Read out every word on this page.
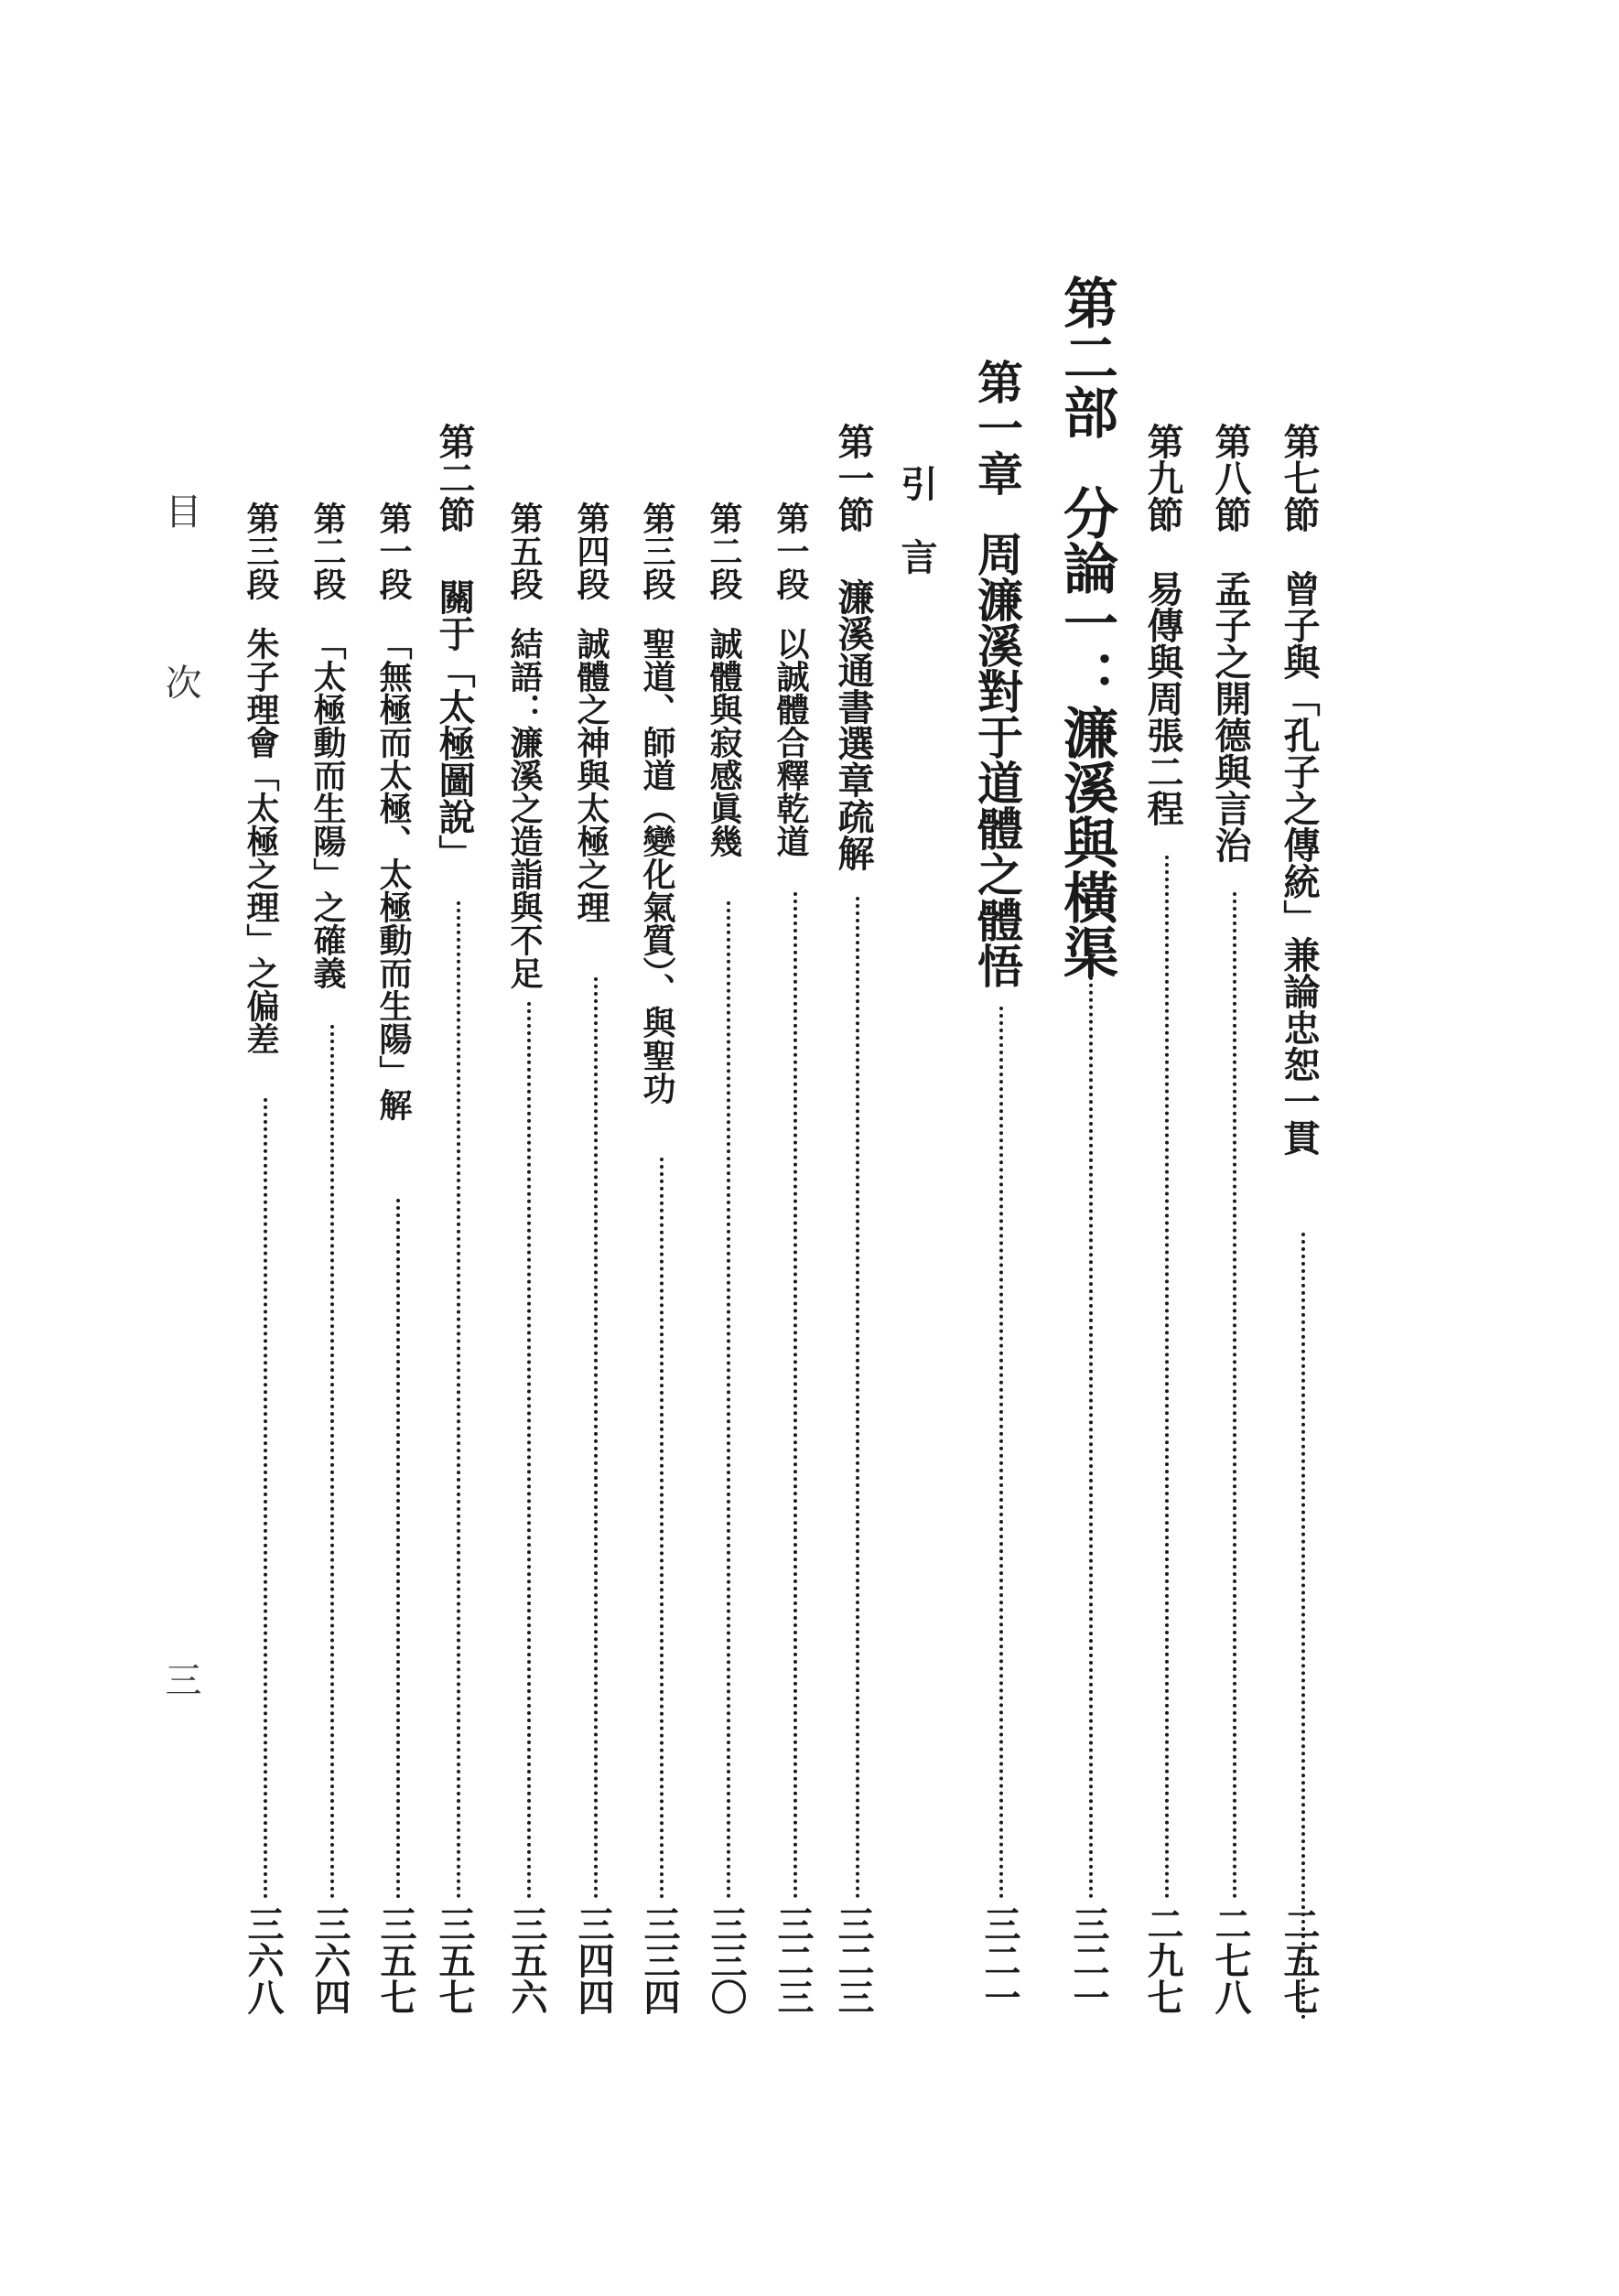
目
次
三
第七節
曾子與「孔子之傳統」兼論忠恕一貫
二五七
第八節
孟子之開德與言治
二七八
第九節
易傳與周張二程
二九七
第二部
分論一：濂溪與橫渠
三二一
第一章
周濂溪對于道體之體悟
三二一
引　言
第一節
濂溪通書選章疏解
三二三
第一段
以誠體合釋乾道
三二三
第二段
誠體與寂感眞幾
三三〇
第三段
聖道、師道（變化氣質）、與聖功
三三四
第四段
誠體之神與太極之理
三四四
第五段
結語：濂溪之造詣與不足
三五六
第二節
關于「太極圖說」
三五七
第一段
「無極而太極、太極動而生陽」解
三五七
第二段
「太極動而生陽」之確義
三六四
第三段
朱子理會「太極之理」之偏差
三六八
